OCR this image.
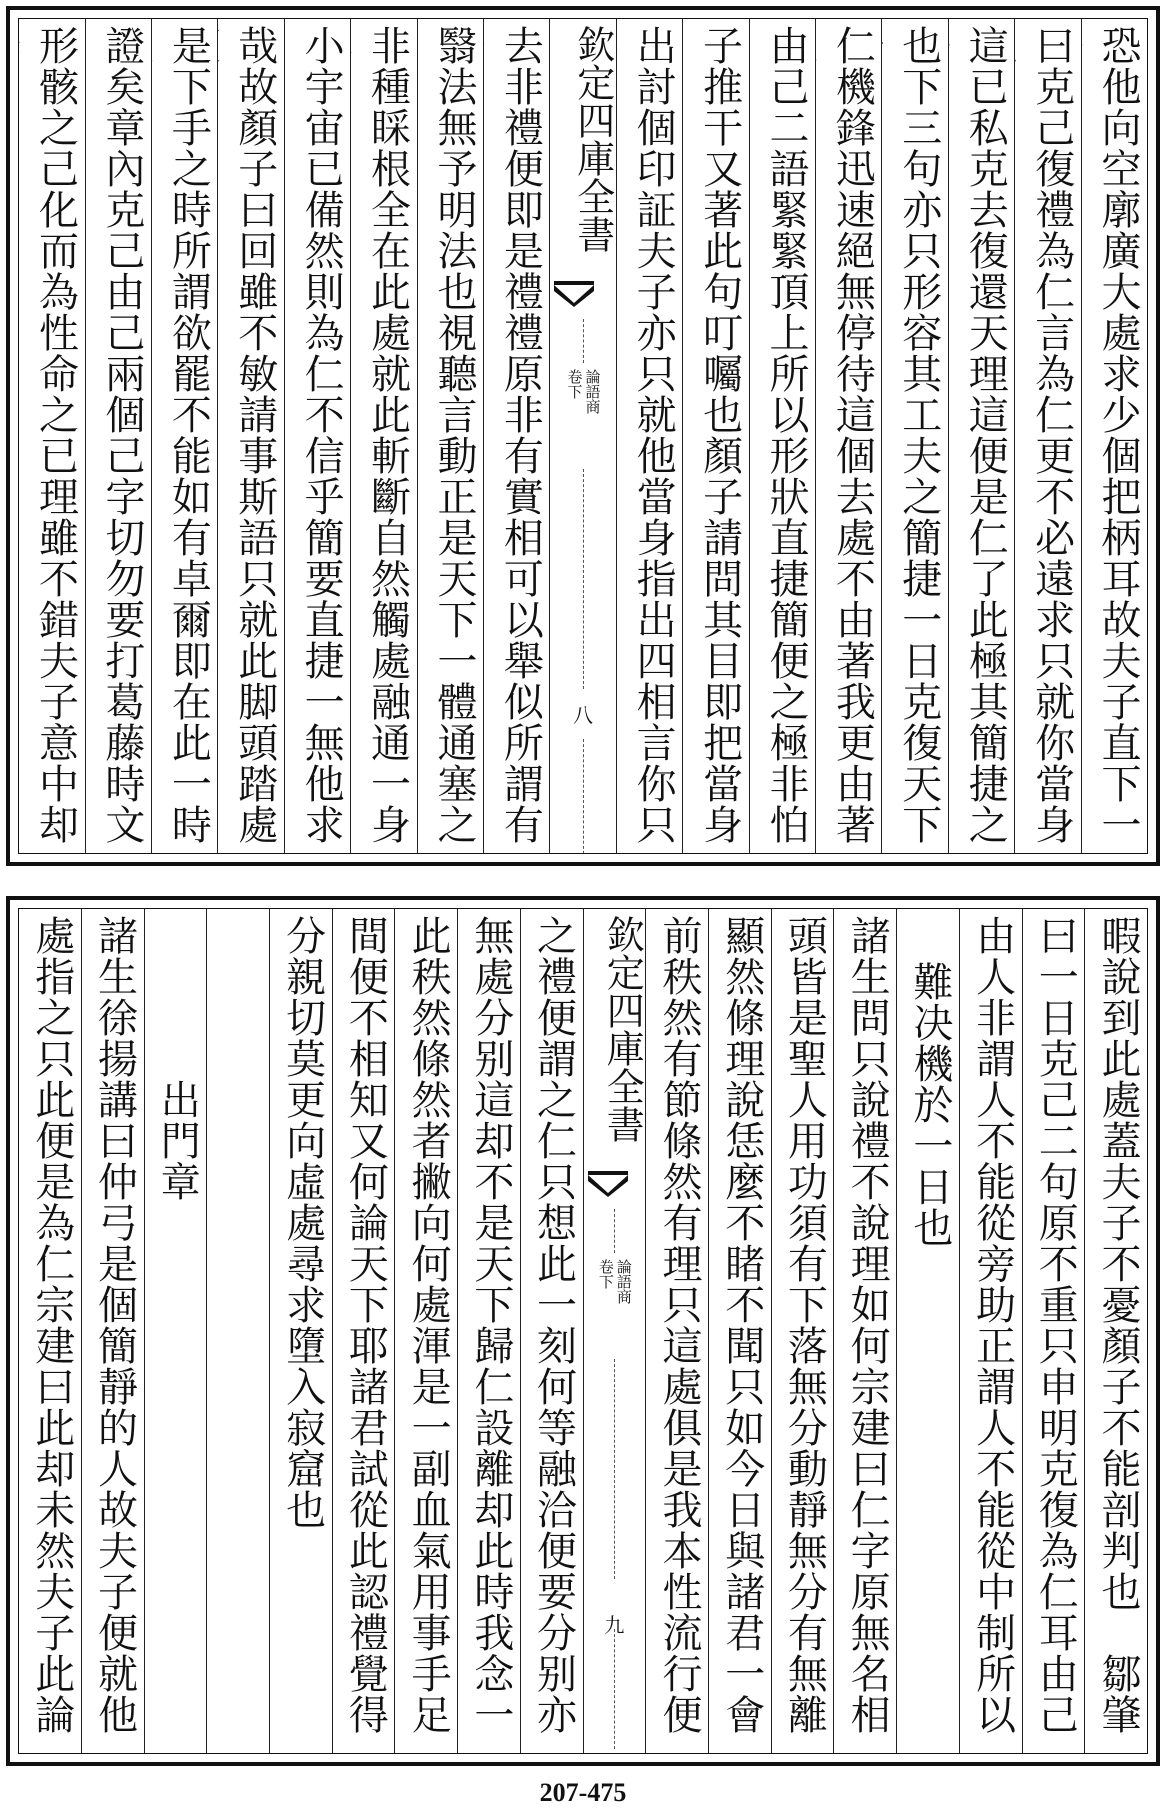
恐他向空廓廣大處求少個把柄耳故夫子直下一
曰克己復禮為仁言為仁更不必遠求只就你當身
這已私克去復還天理這便是仁了此極其簡捷之
也下三句亦只形容其工夫之簡捷一日克復天下
仁機鋒迅速絕無停待這個去處不由著我更由著
由己二語緊緊頂上所以形狀直捷簡便之極非怕
子推干又著此句叮囑也顏子請問其目即把當身
出討個印証夫子亦只就他當身指出四相言你只
欽定四庫全書
論語商
卷下
八
去非禮便即是禮禮原非有實相可以舉似所謂有
翳法無予明法也視聽言動正是天下一體通塞之
非種睬根全在此處就此斬斷自然觸處融通一身
小宇宙已備然則為仁不信乎簡要直捷一無他求
哉故顏子曰回雖不敏請事斯語只就此脚頭踏處
是下手之時所謂欲罷不能如有卓爾即在此一時
證矣章內克己由己兩個己字切勿要打葛藤時文
形骸之己化而為性命之已理雖不錯夫子意中却
暇說到此處蓋夫子不憂顏子不能剖判也　鄒肇
曰一日克己二句原不重只申明克復為仁耳由己
由人非謂人不能從旁助正謂人不能從中制所以
難决機於一日也
諸生問只說禮不說理如何宗建曰仁字原無名相
頭皆是聖人用功須有下落無分動靜無分有無離
顯然條理說恁麼不睹不聞只如今日與諸君一會
前秩然有節條然有理只這處俱是我本性流行便
欽定四庫全書
論語商
卷下
九
之禮便謂之仁只想此一刻何等融洽便要分别亦
無處分别這却不是天下歸仁設離却此時我念一
此秩然條然者撇向何處渾是一副血氣用事手足
間便不相知又何論天下耶諸君試從此認禮覺得
分親切莫更向虛處尋求墮入寂窟也
出門章
諸生徐揚講曰仲弓是個簡靜的人故夫子便就他
處指之只此便是為仁宗建曰此却未然夫子此論
207-475
